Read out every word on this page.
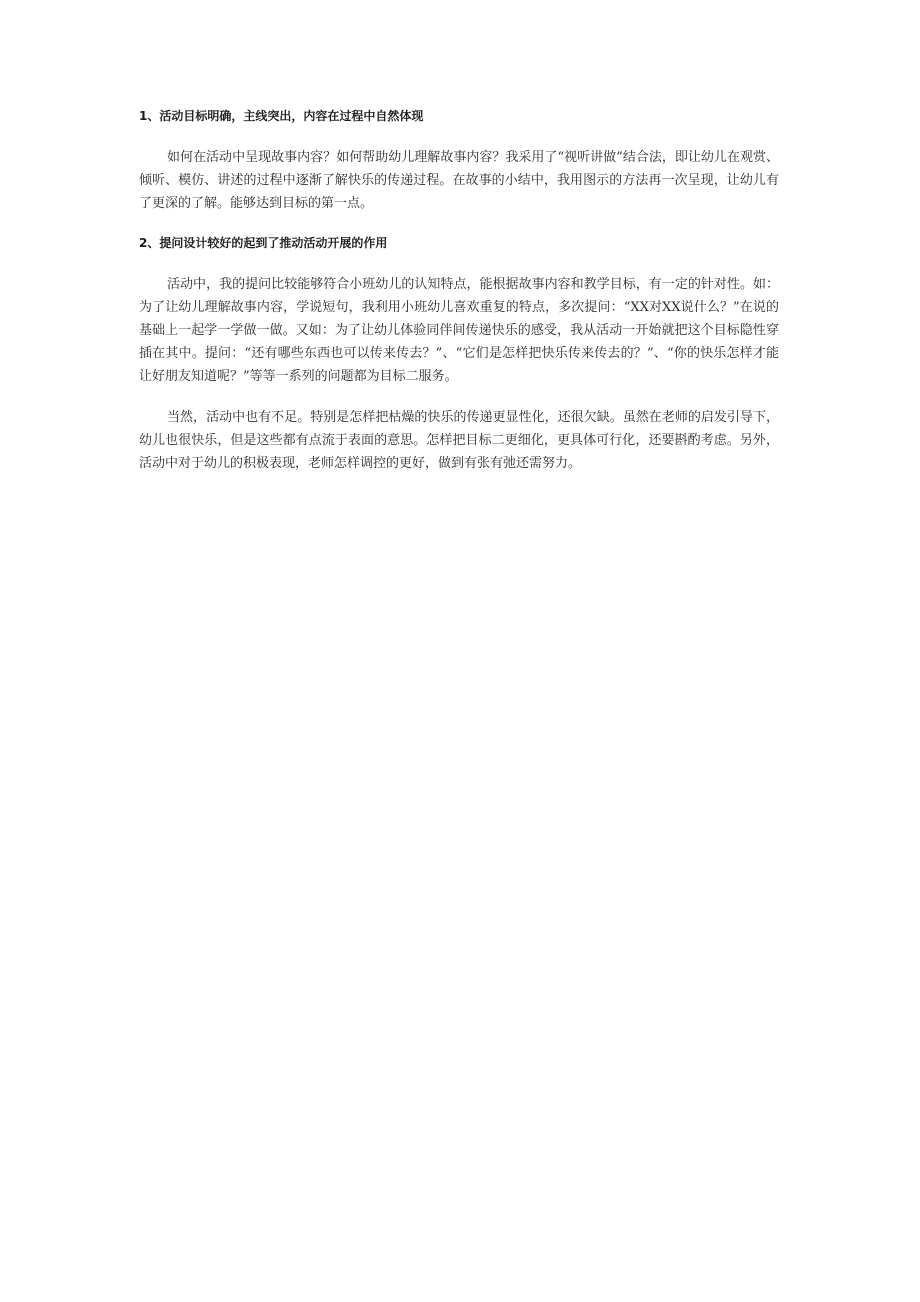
1、活动目标明确，主线突出，内容在过程中自然体现

如何在活动中呈现故事内容？如何帮助幼儿理解故事内容？我采用了“视听讲做”结合法，即让幼儿在观赏、倾听、模仿、讲述的过程中逐渐了解快乐的传递过程。在故事的小结中，我用图示的方法再一次呈现，让幼儿有了更深的了解。能够达到目标的第一点。

2、提问设计较好的起到了推动活动开展的作用

活动中，我的提问比较能够符合小班幼儿的认知特点，能根据故事内容和教学目标，有一定的针对性。如：为了让幼儿理解故事内容，学说短句，我利用小班幼儿喜欢重复的特点，多次提问：“XX对XX说什么？”在说的基础上一起学一学做一做。又如：为了让幼儿体验同伴间传递快乐的感受，我从活动一开始就把这个目标隐性穿插在其中。提问：“还有哪些东西也可以传来传去？”、“它们是怎样把快乐传来传去的？”、“你的快乐怎样才能让好朋友知道呢？”等等一系列的问题都为目标二服务。

当然，活动中也有不足。特别是怎样把枯燥的快乐的传递更显性化，还很欠缺。虽然在老师的启发引导下，幼儿也很快乐，但是这些都有点流于表面的意思。怎样把目标二更细化，更具体可行化，还要斟酌考虑。另外，活动中对于幼儿的积极表现，老师怎样调控的更好，做到有张有弛还需努力。
